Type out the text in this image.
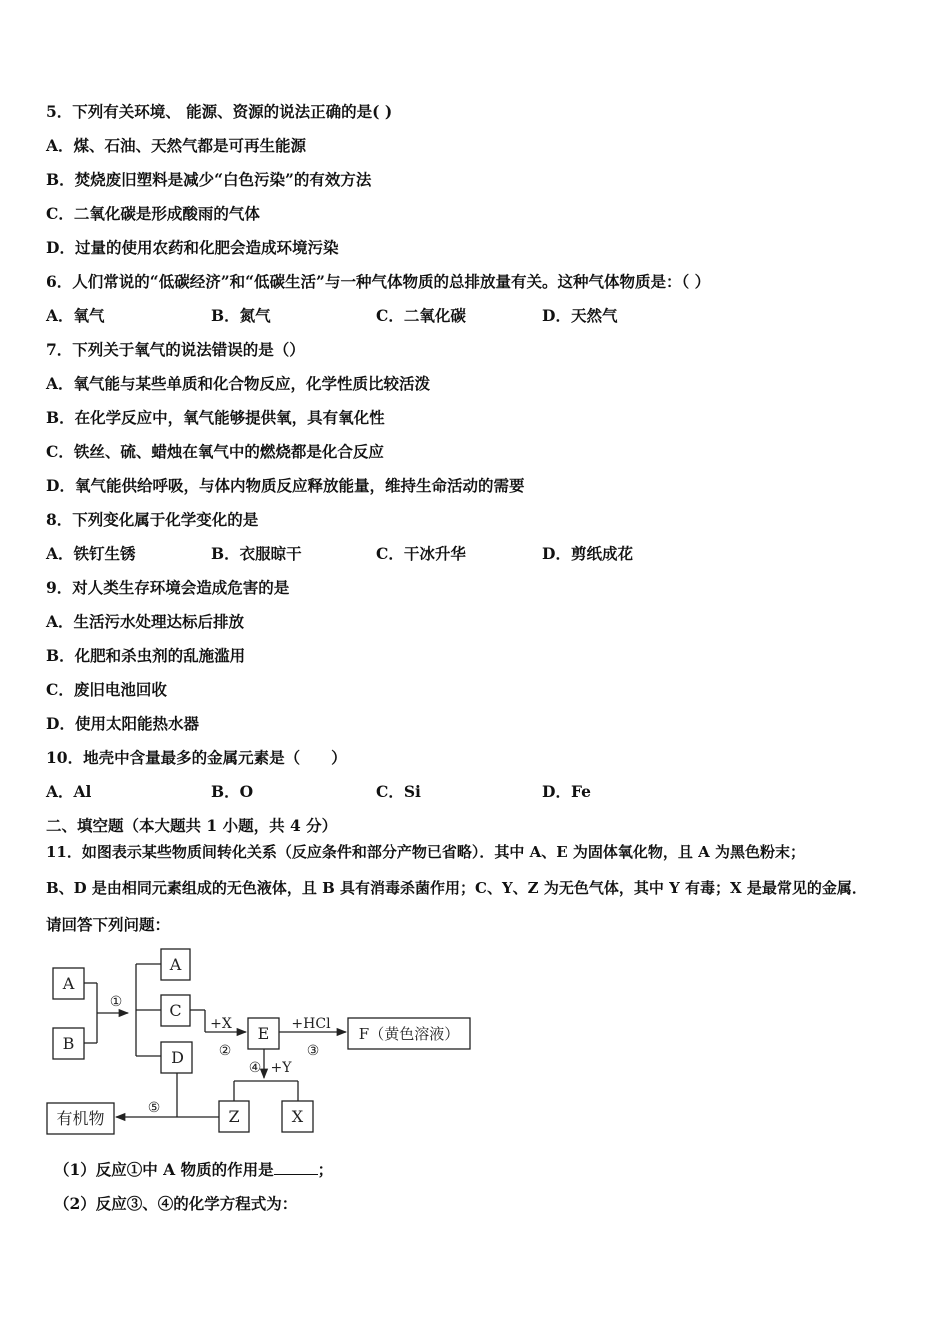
5．下列有关环境、 能源、资源的说法正确的是( )
A．煤、石油、天然气都是可再生能源
B．焚烧废旧塑料是减少“白色污染”的有效方法
C．二氧化碳是形成酸雨的气体
D．过量的使用农药和化肥会造成环境污染
6．人们常说的“低碳经济”和“低碳生活”与一种气体物质的总排放量有关。这种气体物质是：（ ）
A．氧气	B．氮气	C．二氧化碳	D．天然气
7．下列关于氧气的说法错误的是（）
A．氧气能与某些单质和化合物反应，化学性质比较活泼
B．在化学反应中，氧气能够提供氧，具有氧化性
C．铁丝、硫、蜡烛在氧气中的燃烧都是化合反应
D．氧气能供给呼吸，与体内物质反应释放能量，维持生命活动的需要
8．下列变化属于化学变化的是
A．铁钉生锈	B．衣服晾干	C．干冰升华	D．剪纸成花
9．对人类生存环境会造成危害的是
A．生活污水处理达标后排放
B．化肥和杀虫剂的乱施滥用
C．废旧电池回收
D．使用太阳能热水器
10．地壳中含量最多的金属元素是（　　）
A．Al	B．O	C．Si	D．Fe
二、填空题（本大题共 1 小题，共 4 分）
11．如图表示某些物质间转化关系（反应条件和部分产物已省略）．其中 A、E 为固体氧化物，且 A 为黑色粉末；
B、D 是由相同元素组成的无色液体，且 B 具有消毒杀菌作用；C、Y、Z 为无色气体，其中 Y 有毒；X 是最常见的金属．
请回答下列问题：
A
B
A
C
D
E	F（黄色溶液）
Z	X
有机物
①
+X
②
+HCl
③
④ +Y
⑤
（1）反应①中 A 物质的作用是	；
（2）反应③、④的化学方程式为：
